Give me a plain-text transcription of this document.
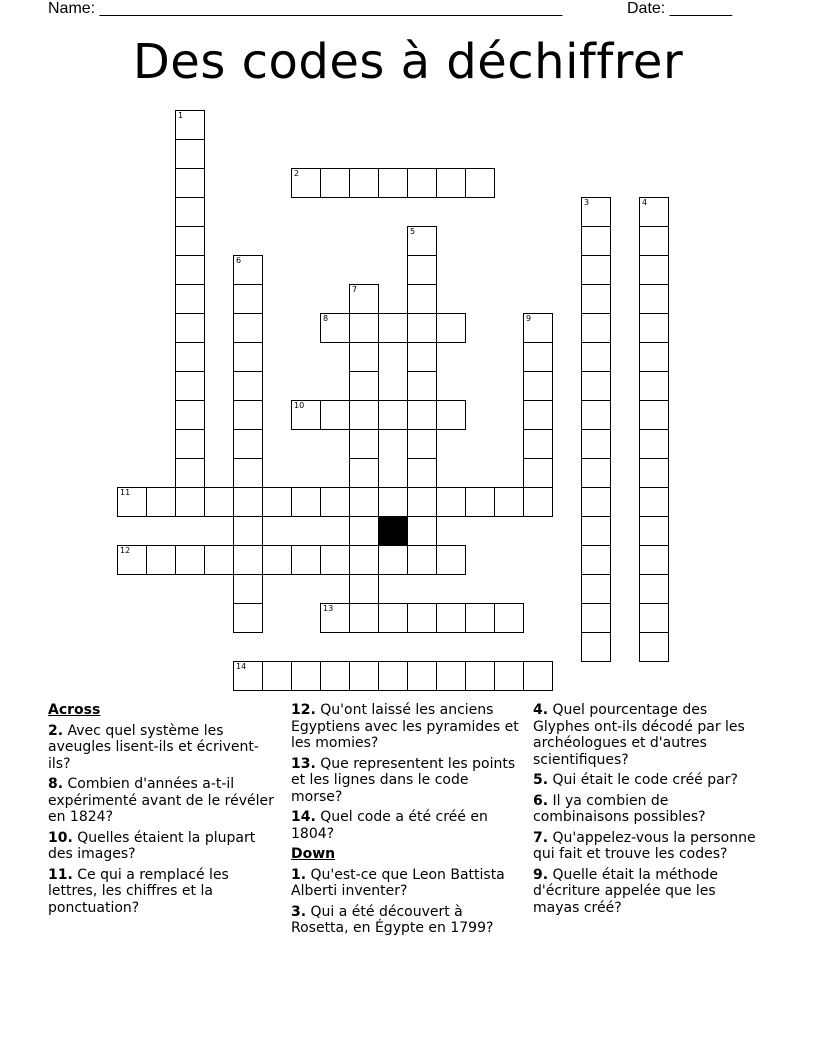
Name: ____________________________________________________	Date: _______
Des codes à déchiffrer
1
2
3	4
5
6
7
8	9
10
11
12
13
14
Across
2. Avec quel système les aveugles lisent-ils et écrivent-ils?
8. Combien d'années a-t-il expérimenté avant de le révéler en 1824?
10. Quelles étaient la plupart des images?
11. Ce qui a remplacé les lettres, les chiffres et la ponctuation?
12. Qu'ont laissé les anciens Egyptiens avec les pyramides et les momies?
13. Que representent les points et les lignes dans le code morse?
14. Quel code a été créé en 1804?
Down
1. Qu'est-ce que Leon Battista Alberti inventer?
3. Qui a été découvert à Rosetta, en Égypte en 1799?
4. Quel pourcentage des Glyphes ont-ils décodé par les archéologues et d'autres scientifiques?
5. Qui était le code créé par?
6. Il ya combien de combinaisons possibles?
7. Qu'appelez-vous la personne qui fait et trouve les codes?
9. Quelle était la méthode d'écriture appelée que les mayas créé?
